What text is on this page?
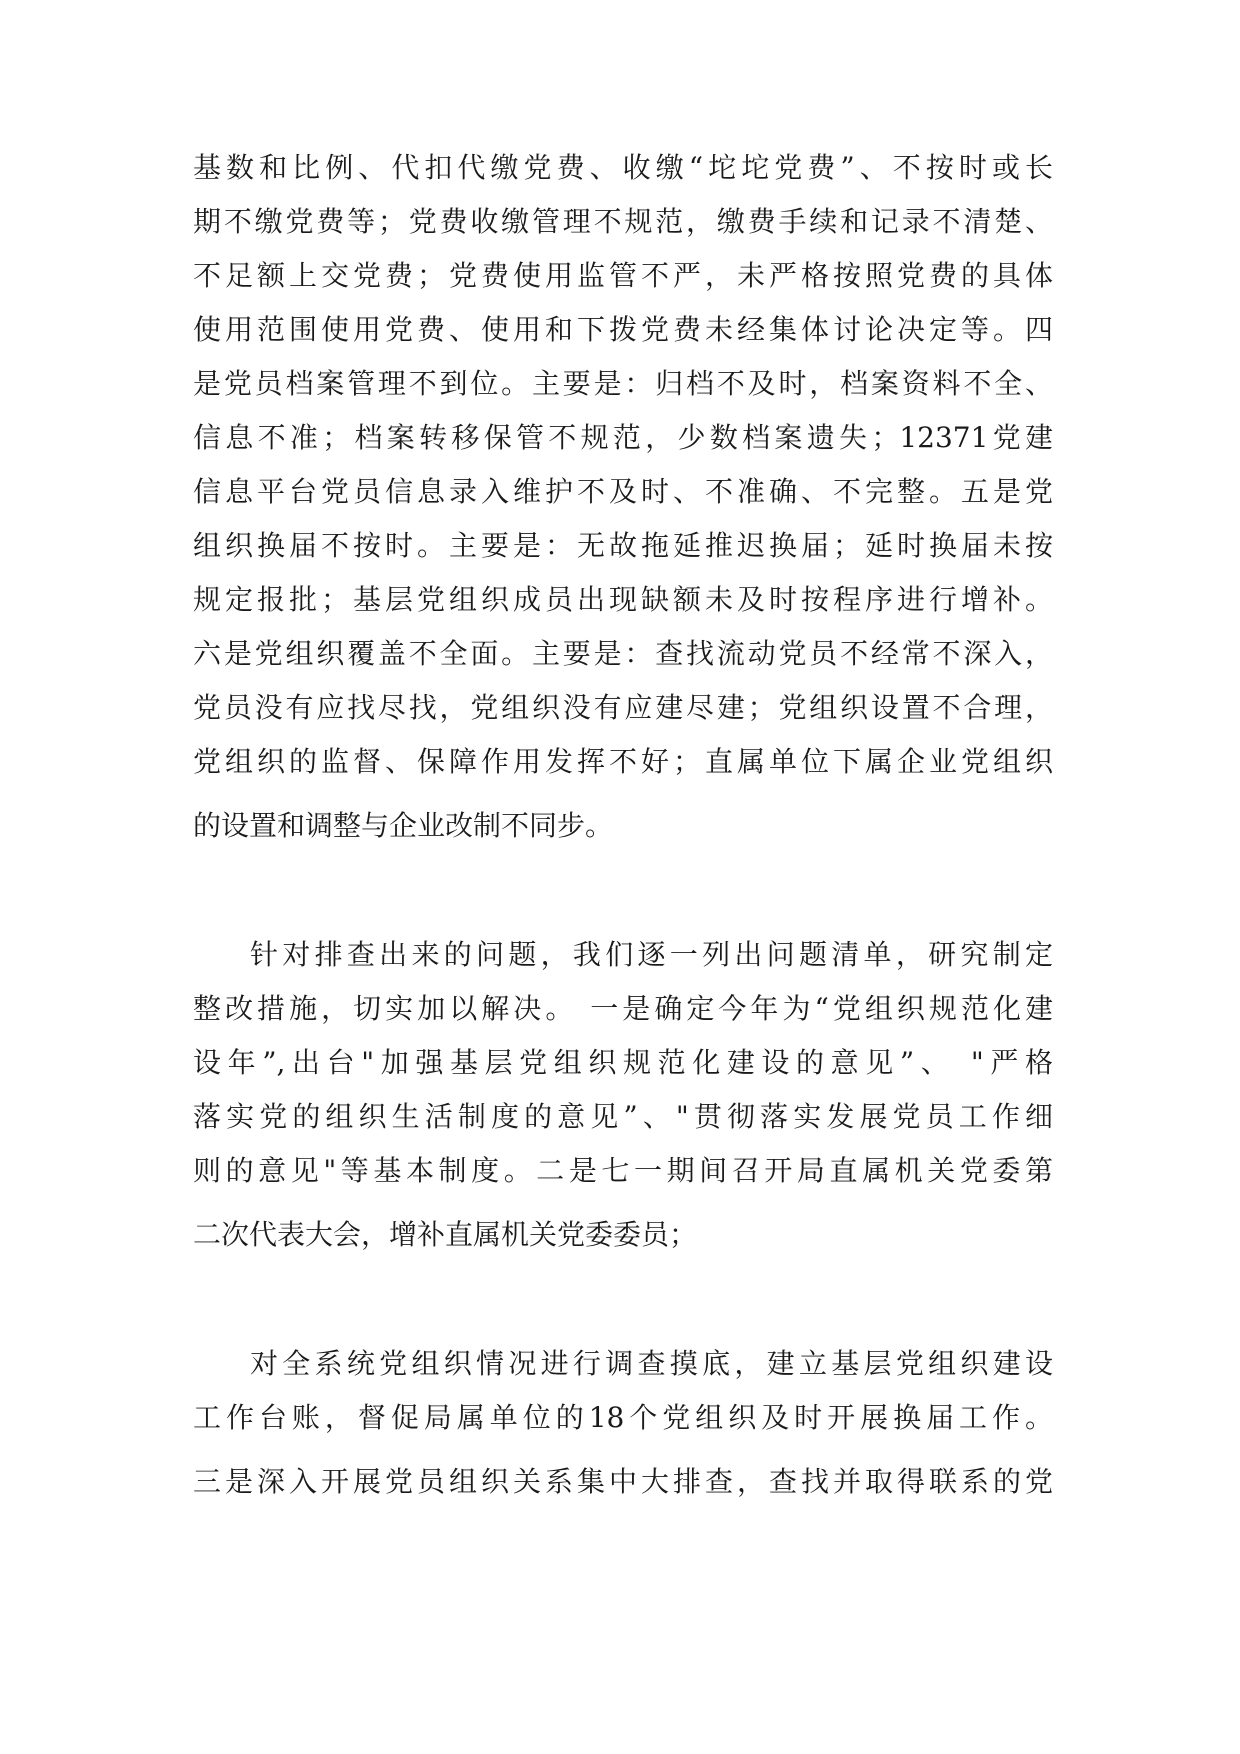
基数和比例、代扣代缴党费、收缴“坨坨党费”、不按时或长
期不缴党费等；党费收缴管理不规范，缴费手续和记录不清楚、
不足额上交党费；党费使用监管不严，未严格按照党费的具体
使用范围使用党费、使用和下拨党费未经集体讨论决定等。四
是党员档案管理不到位。主要是：归档不及时，档案资料不全、
信息不准；档案转移保管不规范，少数档案遗失；12371党建
信息平台党员信息录入维护不及时、不准确、不完整。五是党
组织换届不按时。主要是：无故拖延推迟换届；延时换届未按
规定报批；基层党组织成员出现缺额未及时按程序进行增补。
六是党组织覆盖不全面。主要是：查找流动党员不经常不深入，
党员没有应找尽找，党组织没有应建尽建；党组织设置不合理，
党组织的监督、保障作用发挥不好；直属单位下属企业党组织
的设置和调整与企业改制不同步。
针对排查出来的问题，我们逐一列出问题清单，研究制定
整改措施，切实加以解决。 一是确定今年为“党组织规范化建
设年”,出台"加强基层党组织规范化建设的意见”、 "严格
落实党的组织生活制度的意见”、"贯彻落实发展党员工作细
则的意见"等基本制度。二是七一期间召开局直属机关党委第
二次代表大会，增补直属机关党委委员；
对全系统党组织情况进行调查摸底，建立基层党组织建设
工作台账，督促局属单位的18个党组织及时开展换届工作。
三是深入开展党员组织关系集中大排查，查找并取得联系的党
